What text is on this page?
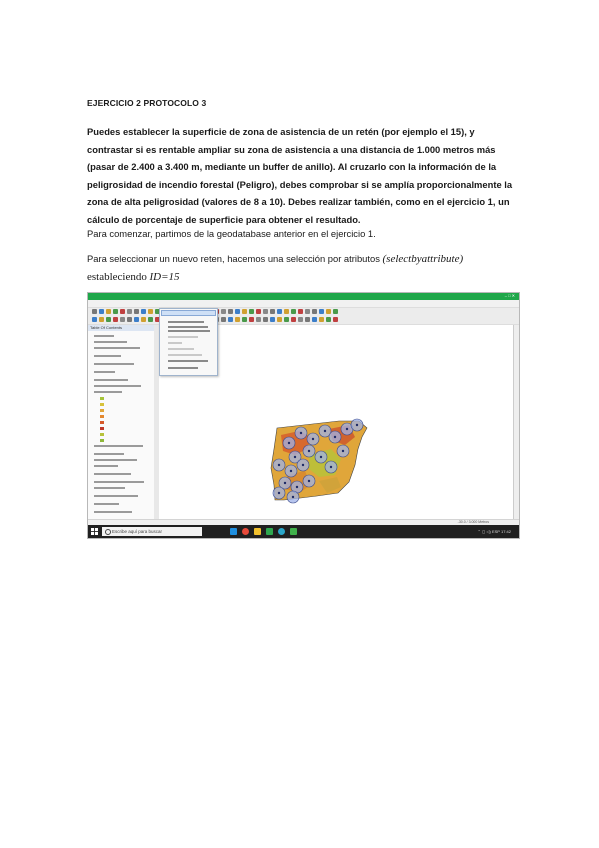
EJERCICIO 2 PROTOCOLO 3
Puedes establecer la superficie de zona de asistencia de un retén (por ejemplo el 15), y contrastar si es rentable ampliar su zona de asistencia a una distancia de 1.000 metros más (pasar de 2.400 a 3.400 m, mediante un buffer de anillo). Al cruzarlo con la información de la peligrosidad de incendio forestal (Peligro), debes comprobar si se amplía proporcionalmente la zona de alta peligrosidad (valores de 8 a 10). Debes realizar también, como en el ejercicio 1, un cálculo de porcentaje de superficie para obtener el resultado.
Para comenzar, partimos de la geodatabase anterior en el ejercicio 1.
Para seleccionar un nuevo reten, hacemos una selección por atributos (selectbyattribute)
estableciendo ID=15
– □ ✕
Table Of Contents
-30.0 / 3.000 Metros
Escribe aquí para buscar	⌃ ◻ ◁) ESP 17:42
